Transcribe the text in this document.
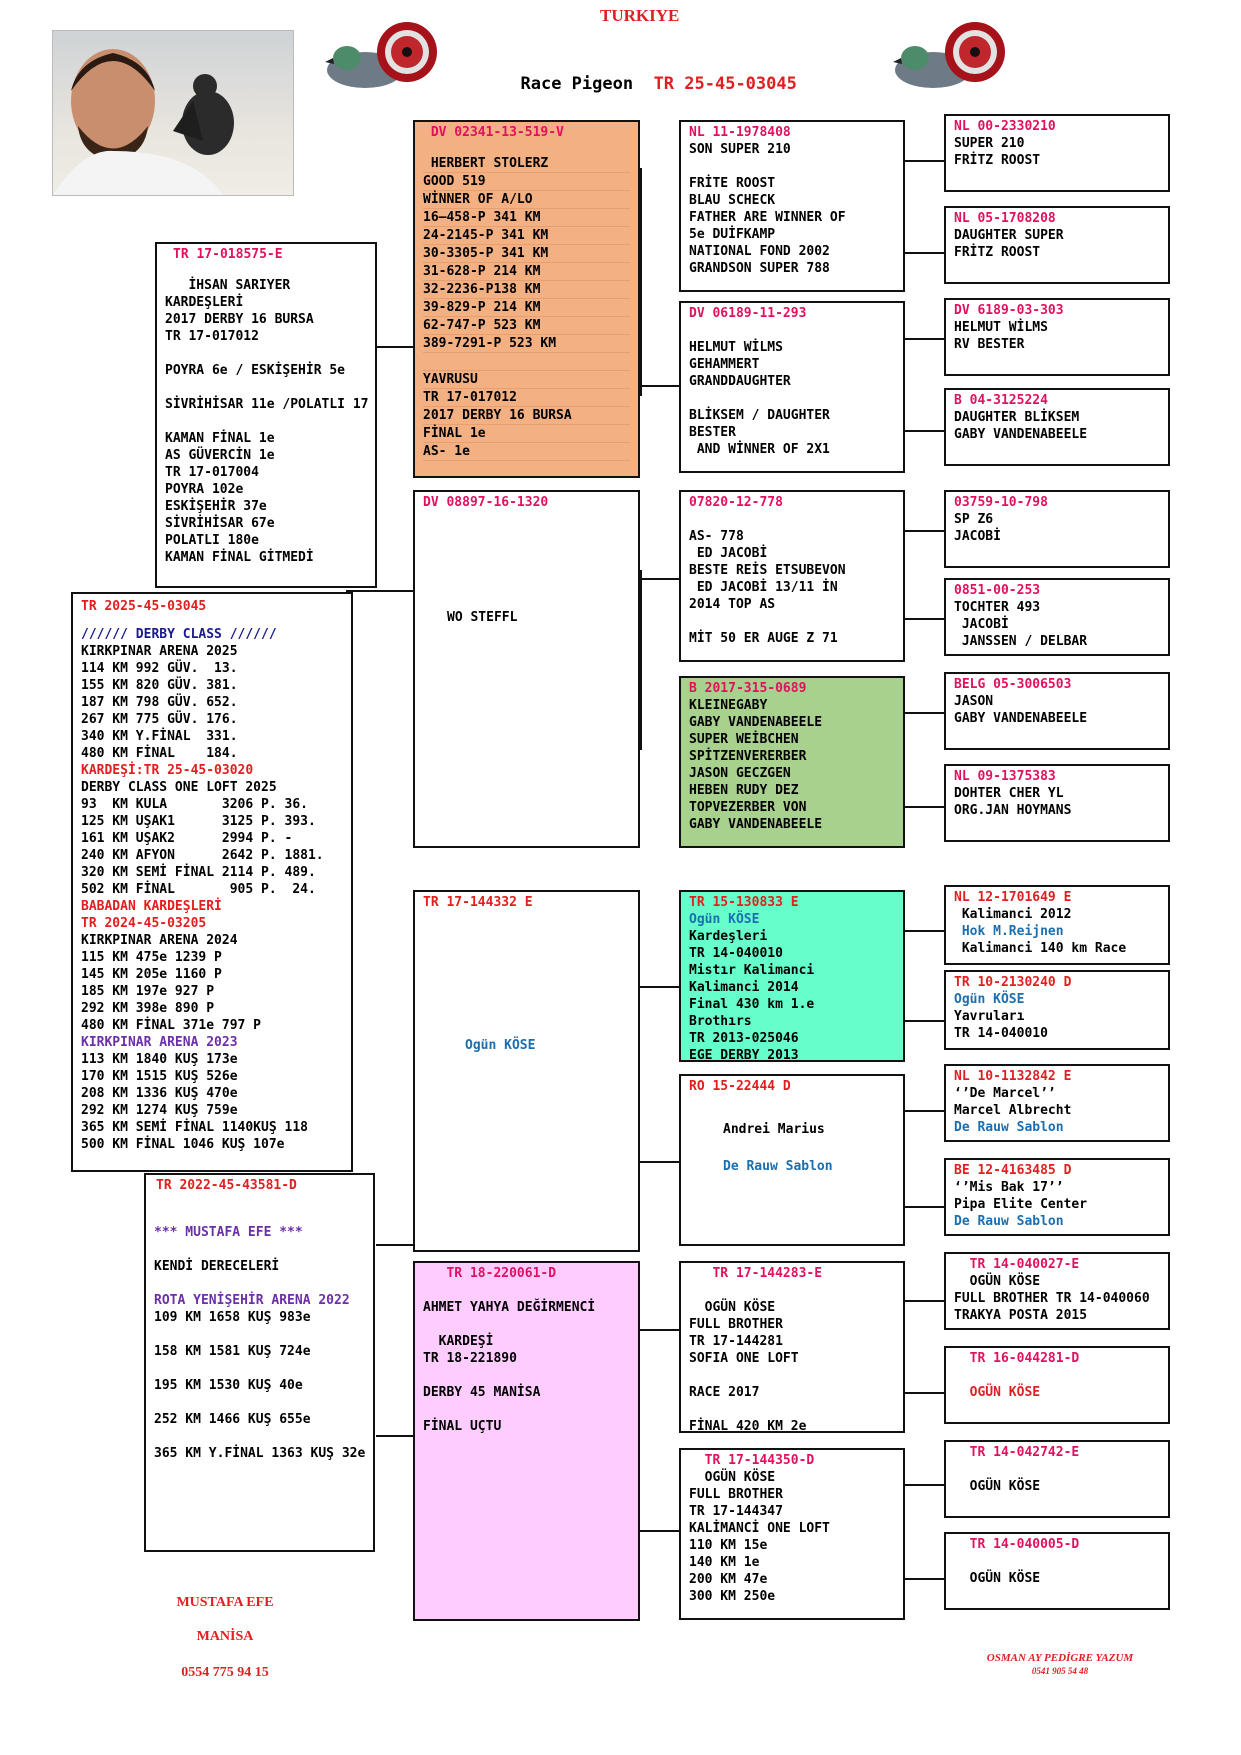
TURKIYE

Race Pigeon TR 25-45-03045

TR 17-018575-E
İHSAN SARIYER
KARDEŞLERİ
2017 DERBY 16 BURSA
TR 17-017012

POYRA 6e / ESKİŞEHİR 5e

SİVRİHİSAR 11e /POLATLI 17

KAMAN FİNAL 1e
AS GÜVERCİN 1e
TR 17-017004
POYRA 102e
ESKİŞEHİR 37e
SİVRİHİSAR 67e
POLATLI 180e
KAMAN FİNAL GİTMEDİ
TR 2025-45-03045
////// DERBY CLASS //////
KIRKPINAR ARENA 2025
114 KM 992 GÜV.  13.
155 KM 820 GÜV. 381.
187 KM 798 GÜV. 652.
267 KM 775 GÜV. 176.
340 KM Y.FİNAL  331.
480 KM FİNAL    184.
KARDEŞİ:TR 25-45-03020
DERBY CLASS ONE LOFT 2025
93  KM KULA       3206 P. 36.
125 KM UŞAK1      3125 P. 393.
161 KM UŞAK2      2994 P. -
240 KM AFYON      2642 P. 1881.
320 KM SEMİ FİNAL 2114 P. 489.
502 KM FİNAL       905 P.  24.
BABADAN KARDEŞLERİ
TR 2024-45-03205
KIRKPINAR ARENA 2024
115 KM 475e 1239 P
145 KM 205e 1160 P
185 KM 197e 927 P
292 KM 398e 890 P
480 KM FİNAL 371e 797 P
KIRKPINAR ARENA 2023
113 KM 1840 KUŞ 173e
170 KM 1515 KUŞ 526e
208 KM 1336 KUŞ 470e
292 KM 1274 KUŞ 759e
365 KM SEMİ FİNAL 1140KUŞ 118
500 KM FİNAL 1046 KUŞ 107e
TR 2022-45-43581-D
*** MUSTAFA EFE ***
KENDİ DERECELERİ
ROTA YENİŞEHİR ARENA 2022
109 KM 1658 KUŞ 983e
158 KM 1581 KUŞ 724e
195 KM 1530 KUŞ 40e
252 KM 1466 KUŞ 655e
365 KM Y.FİNAL 1363 KUŞ 32e
DV 02341-13-519-V
HERBERT STOLERZ
GOOD 519
WİNNER OF A/LO
16–458-P 341 KM
24-2145-P 341 KM
30-3305-P 341 KM
31-628-P 214 KM
32-2236-P138 KM
39-829-P 214 KM
62-747-P 523 KM
389-7291-P 523 KM

YAVRUSU
TR 17-017012
2017 DERBY 16 BURSA
FİNAL 1e
AS- 1e
DV 08897-16-1320
WO STEFFL
TR 17-144332 E
Ogün KÖSE
TR 18-220061-D
AHMET YAHYA DEĞİRMENCİ

KARDEŞİ
TR 18-221890

DERBY 45 MANİSA

FİNAL UÇTU
NL 11-1978408
SON SUPER 210

FRİTE ROOST
BLAU SCHECK
FATHER ARE WINNER OF
5e DUİFKAMP
NATIONAL FOND 2002
GRANDSON SUPER 788
DV 06189-11-293

HELMUT WİLMS
GEHAMMERT
GRANDDAUGHTER

BLİKSEM / DAUGHTER
BESTER
AND WİNNER OF 2X1
07820-12-778

AS- 778
ED JACOBİ
BESTE REİS ETSUBEVON
ED JACOBİ 13/11 İN
2014 TOP AS

MİT 50 ER AUGE Z 71
B 2017-315-0689
KLEINEGABY
GABY VANDENABEELE
SUPER WEİBCHEN
SPİTZENVERERBER
JASON GECZGEN
HEBEN RUDY DEZ
TOPVEZERBER VON
GABY VANDENABEELE
TR 15-130833 E
Ogün KÖSE
Kardeşleri
TR 14-040010
Mistır Kalimanci
Kalimanci 2014
Final 430 km 1.e
Brothırs
TR 2013-025046
EGE DERBY 2013
RO 15-22444 D
Andrei Marius
De Rauw Sablon
TR 17-144283-E

OGÜN KÖSE
FULL BROTHER
TR 17-144281
SOFIA ONE LOFT

RACE 2017

FİNAL 420 KM 2e
TR 17-144350-D
OGÜN KÖSE
FULL BROTHER
TR 17-144347
KALİMANCİ ONE LOFT
110 KM 15e
140 KM 1e
200 KM 47e
300 KM 250e
NL 00-2330210
SUPER 210
FRİTZ ROOST
NL 05-1708208
DAUGHTER SUPER
FRİTZ ROOST
DV 6189-03-303
HELMUT WİLMS
RV BESTER
B 04-3125224
DAUGHTER BLİKSEM
GABY VANDENABEELE
03759-10-798
SP Z6
JACOBİ
0851-00-253
TOCHTER 493
JACOBİ
JANSSEN / DELBAR
BELG 05-3006503
JASON
GABY VANDENABEELE
NL 09-1375383
DOHTER CHER YL
ORG.JAN HOYMANS
NL 12-1701649 E
Kalimanci 2012
Hok M.Reijnen
Kalimanci 140 km Race
TR 10-2130240 D
Ogün KÖSE
Yavruları
TR 14-040010
NL 10-1132842 E
‘’De Marcel’’
Marcel Albrecht
De Rauw Sablon
BE 12-4163485 D
‘’Mis Bak 17’’
Pipa Elite Center
De Rauw Sablon
TR 14-040027-E
OGÜN KÖSE
FULL BROTHER TR 14-040060
TRAKYA POSTA 2015
TR 16-044281-D

OGÜN KÖSE
TR 14-042742-E

OGÜN KÖSE
TR 14-040005-D

OGÜN KÖSE
MUSTAFA EFE
MANİSA
0554 775 94 15
OSMAN AY PEDİGRE YAZUM
0541 905 54 48
